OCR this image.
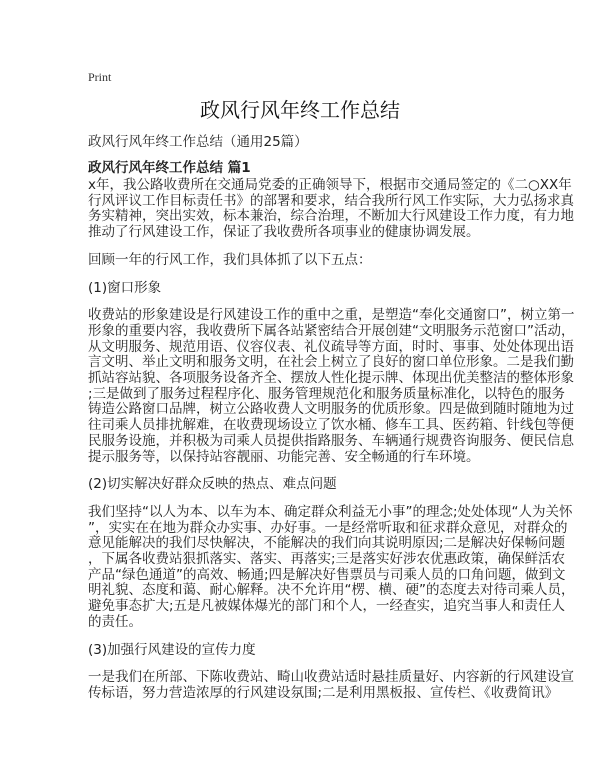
Print
政风行风年终工作总结
政风行风年终工作总结（通用25篇）
政风行风年终工作总结 篇1
x年，我公路收费所在交通局党委的正确领导下，根据市交通局签定的《二○XX年
行风评议工作目标责任书》的部署和要求，结合我所行风工作实际，大力弘扬求真
务实精神，突出实效，标本兼治，综合治理，不断加大行风建设工作力度，有力地
推动了行风建设工作，保证了我收费所各项事业的健康协调发展。
回顾一年的行风工作，我们具体抓了以下五点：
(1)窗口形象
收费站的形象建设是行风建设工作的重中之重，是塑造“奉化交通窗口”，树立第一
形象的重要内容，我收费所下属各站紧密结合开展创建“文明服务示范窗口”活动，
从文明服务、规范用语、仪容仪表、礼仪疏导等方面，时时、事事、处处体现出语
言文明、举止文明和服务文明，在社会上树立了良好的窗口单位形象。二是我们勤
抓站容站貌、各项服务设备齐全、摆放人性化提示牌、体现出优美整洁的整体形象
;三是做到了服务过程程序化、服务管理规范化和服务质量标准化，以特色的服务
铸造公路窗口品牌，树立公路收费人文明服务的优质形象。四是做到随时随地为过
往司乘人员排扰解难，在收费现场设立了饮水桶、修车工具、医药箱、针线包等便
民服务设施，并积极为司乘人员提供指路服务、车辆通行规费咨询服务、便民信息
提示服务等，以保持站容靓丽、功能完善、安全畅通的行车环境。
(2)切实解决好群众反映的热点、难点问题
我们坚持“以人为本、以车为本、确定群众利益无小事”的理念;处处体现“人为关怀
”，实实在在地为群众办实事、办好事。一是经常听取和征求群众意见，对群众的
意见能解决的我们尽快解决，不能解决的我们向其说明原因;二是解决好保畅问题
，下属各收费站狠抓落实、落实、再落实;三是落实好涉农优惠政策，确保鲜活农
产品“绿色通道”的高效、畅通;四是解决好售票员与司乘人员的口角问题，做到文
明礼貌、态度和蔼、耐心解释。决不允许用“楞、横、硬”的态度去对待司乘人员，
避免事态扩大;五是凡被媒体爆光的部门和个人，一经查实，追究当事人和责任人
的责任。
(3)加强行风建设的宣传力度
一是我们在所部、下陈收费站、畸山收费站适时悬挂质量好、内容新的行风建设宣
传标语，努力营造浓厚的行风建设氛围;二是利用黑板报、宣传栏、《收费简讯》
